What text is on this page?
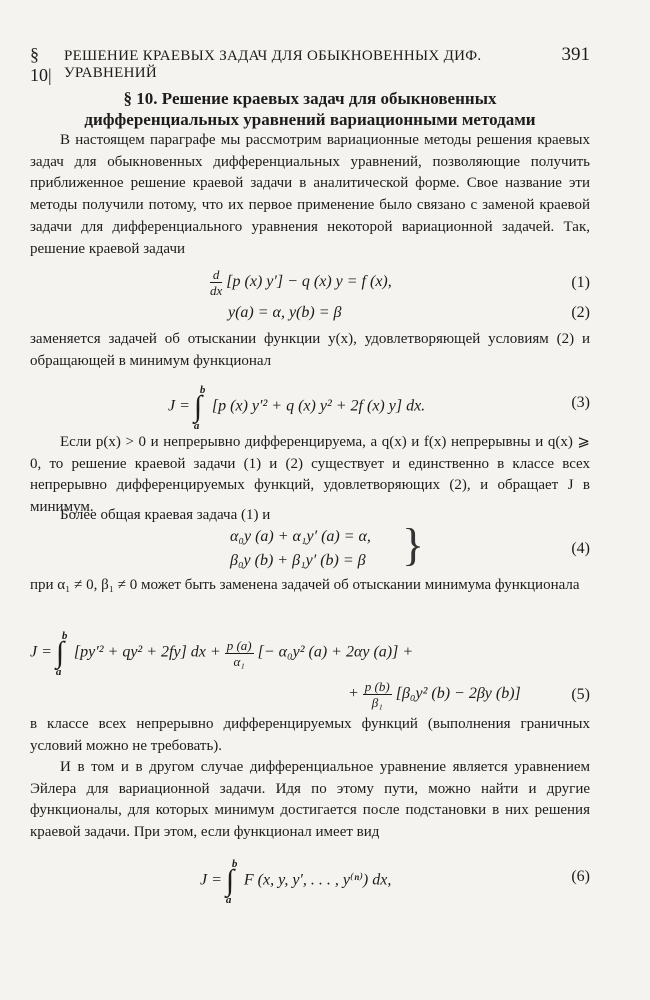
§ 10|
РЕШЕНИЕ КРАЕВЫХ ЗАДАЧ ДЛЯ ОБЫКНОВЕННЫХ ДИФ. УРАВНЕНИЙ
391
§ 10. Решение краевых задач для обыкновенных
дифференциальных уравнений вариационными методами

В настоящем параграфе мы рассмотрим вариационные методы решения краевых задач для обыкновенных дифференциальных уравнений, позволяющие получить приближенное решение краевой задачи в аналитической форме. Свое название эти методы получили потому, что их первое применение было связано с заменой краевой задачи для дифференциального уравнения некоторой вариационной задачей. Так, решение краевой задачи

$\frac{d}{dx} [p$ (x) y′] − q (x) y = f (x),	(1)
y(a) = α, y(b) = β	(2)

заменяется задачей об отыскании функции y(x), удовлетворяющей условиям (2) и обращающей в минимум функционал

J = ∫
b
a
[p (x) y′² + q (x) y² + 2f (x) y] dx.	(3)

Если p(x) > 0 и непрерывно дифференцируема, а q(x) и f(x) непрерывны и q(x) ⩾ 0, то решение краевой задачи (1) и (2) существует и единственно в классе всех непрерывно дифференцируемых функций, удовлетворяющих (2), и обращает J в минимум.

Более общая краевая задача (1) и

α₀y (a) + α₁y′ (a) = α,
β₀y (b) + β₁y′ (b) = β }	(4)

при α₁ ≠ 0, β₁ ≠ 0 может быть заменена задачей об отыскании минимума функционала

J = ∫
b
a
[py′² + qy² + 2fy] dx + $\frac{p (a)}{\text{α₁}}$ [− α₀y² (a) + 2αy (a)] +
+ $\frac{p (b)}{\text{β₁}} [\beta_0y^2$ (b) − 2βy (b)]	(5)

в классе всех непрерывно дифференцируемых функций (выполнения граничных условий можно не требовать).

И в том и в другом случае дифференциальное уравнение является уравнением Эйлера для вариационной задачи. Идя по этому пути, можно найти и другие функционалы, для которых минимум достигается после подстановки в них решения краевой задачи. При этом, если функционал имеет вид

J = ∫
b
a
F (x, y, y′, . . . , y⁽ⁿ⁾) dx,	(6)
